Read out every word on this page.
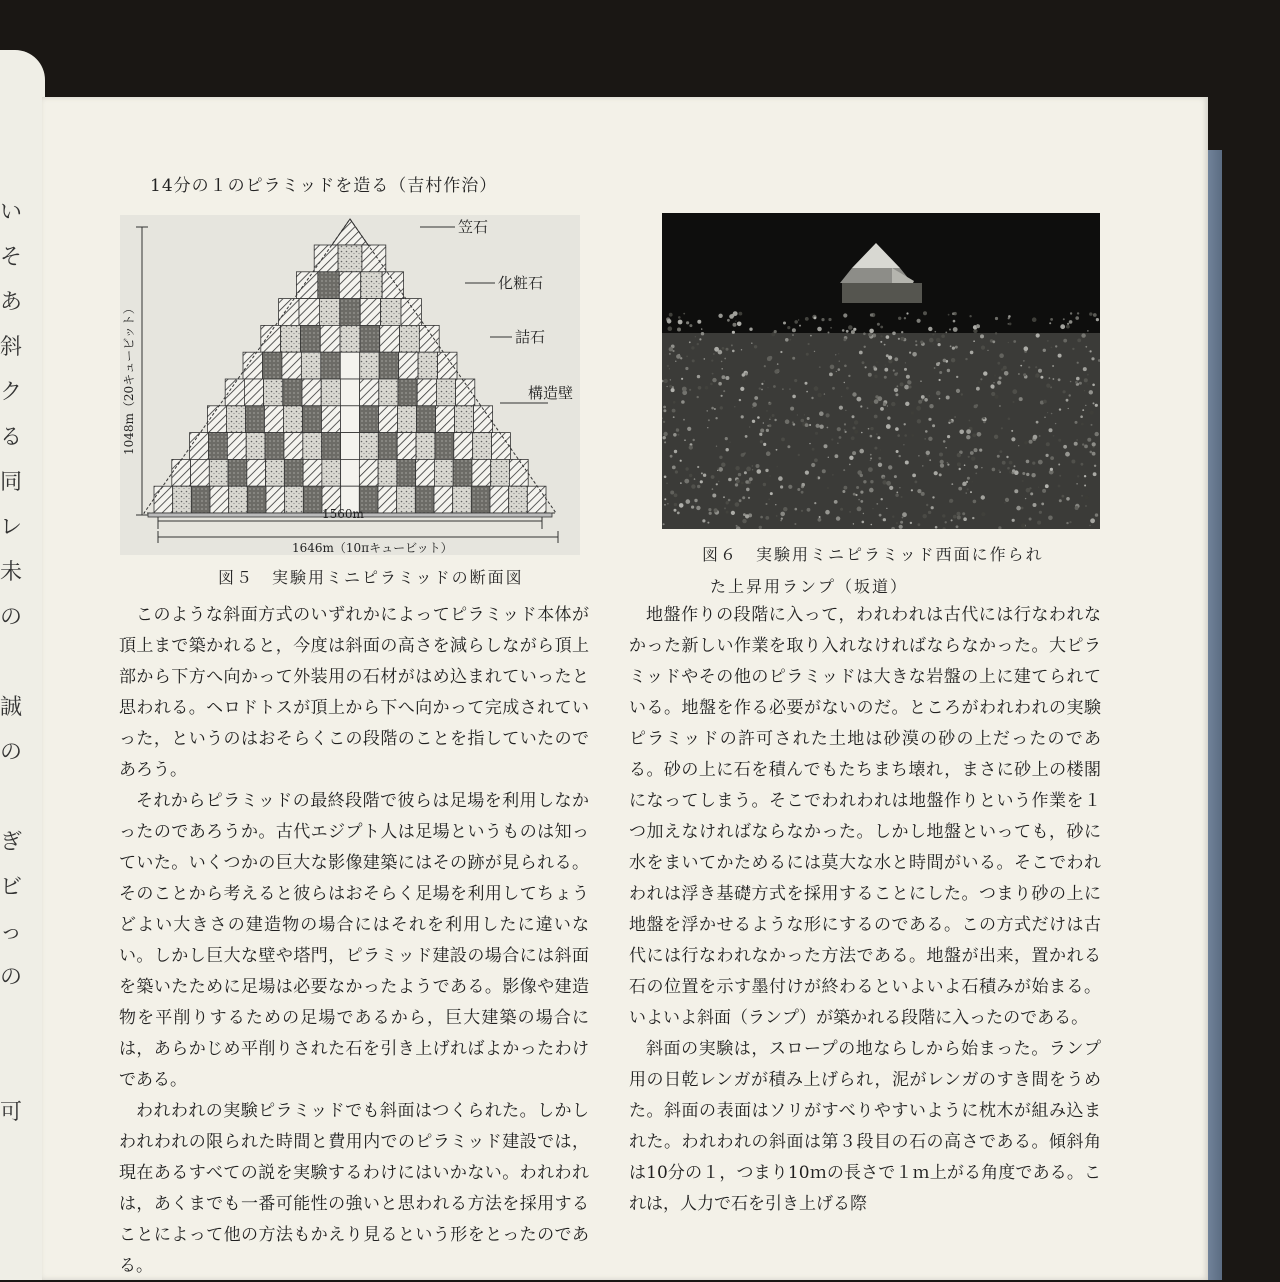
い
そ
あ
斜
ク
る
同
レ
未
の
誠
の
ぎ
ビ
っ
の
可
14分の１のピラミッドを造る（吉村作治）
1048m（20キュービット）
1560m
1646m（10πキュービット）
笠石
化粧石
詰石
構造壁
図５　実験用ミニピラミッドの断面図
図６　実験用ミニピラミッド西面に作られ
た上昇用ランプ（坂道）

このような斜面方式のいずれかによってピラミッド本体が頂上まで築かれると，今度は斜面の高さを減らしながら頂上部から下方へ向かって外装用の石材がはめ込まれていったと思われる。ヘロドトスが頂上から下へ向かって完成されていった，というのはおそらくこの段階のことを指していたのであろう。

それからピラミッドの最終段階で彼らは足場を利用しなかったのであろうか。古代エジプト人は足場というものは知っていた。いくつかの巨大な影像建築にはその跡が見られる。そのことから考えると彼らはおそらく足場を利用してちょうどよい大きさの建造物の場合にはそれを利用したに違いない。しかし巨大な壁や塔門，ピラミッド建設の場合には斜面を築いたために足場は必要なかったようである。影像や建造物を平削りするための足場であるから，巨大建築の場合には，あらかじめ平削りされた石を引き上げればよかったわけである。

われわれの実験ピラミッドでも斜面はつくられた。しかしわれわれの限られた時間と費用内でのピラミッド建設では，現在あるすべての説を実験するわけにはいかない。われわれは，あくまでも一番可能性の強いと思われる方法を採用することによって他の方法もかえり見るという形をとったのである。

地盤作りの段階に入って，われわれは古代には行なわれなかった新しい作業を取り入れなければならなかった。大ピラミッドやその他のピラミッドは大きな岩盤の上に建てられている。地盤を作る必要がないのだ。ところがわれわれの実験ピラミッドの許可された土地は砂漠の砂の上だったのである。砂の上に石を積んでもたちまち壊れ，まさに砂上の楼閣になってしまう。そこでわれわれは地盤作りという作業を１つ加えなければならなかった。しかし地盤といっても，砂に水をまいてかためるには莫大な水と時間がいる。そこでわれわれは浮き基礎方式を採用することにした。つまり砂の上に地盤を浮かせるような形にするのである。この方式だけは古代には行なわれなかった方法である。地盤が出来，置かれる石の位置を示す墨付けが終わるといよいよ石積みが始まる。いよいよ斜面（ランプ）が築かれる段階に入ったのである。

斜面の実験は，スロープの地ならしから始まった。ランプ用の日乾レンガが積み上げられ，泥がレンガのすき間をうめた。斜面の表面はソリがすべりやすいように枕木が組み込まれた。われわれの斜面は第３段目の石の高さである。傾斜角は10分の１，つまり10ｍの長さで１ｍ上がる角度である。これは，人力で石を引き上げる際
